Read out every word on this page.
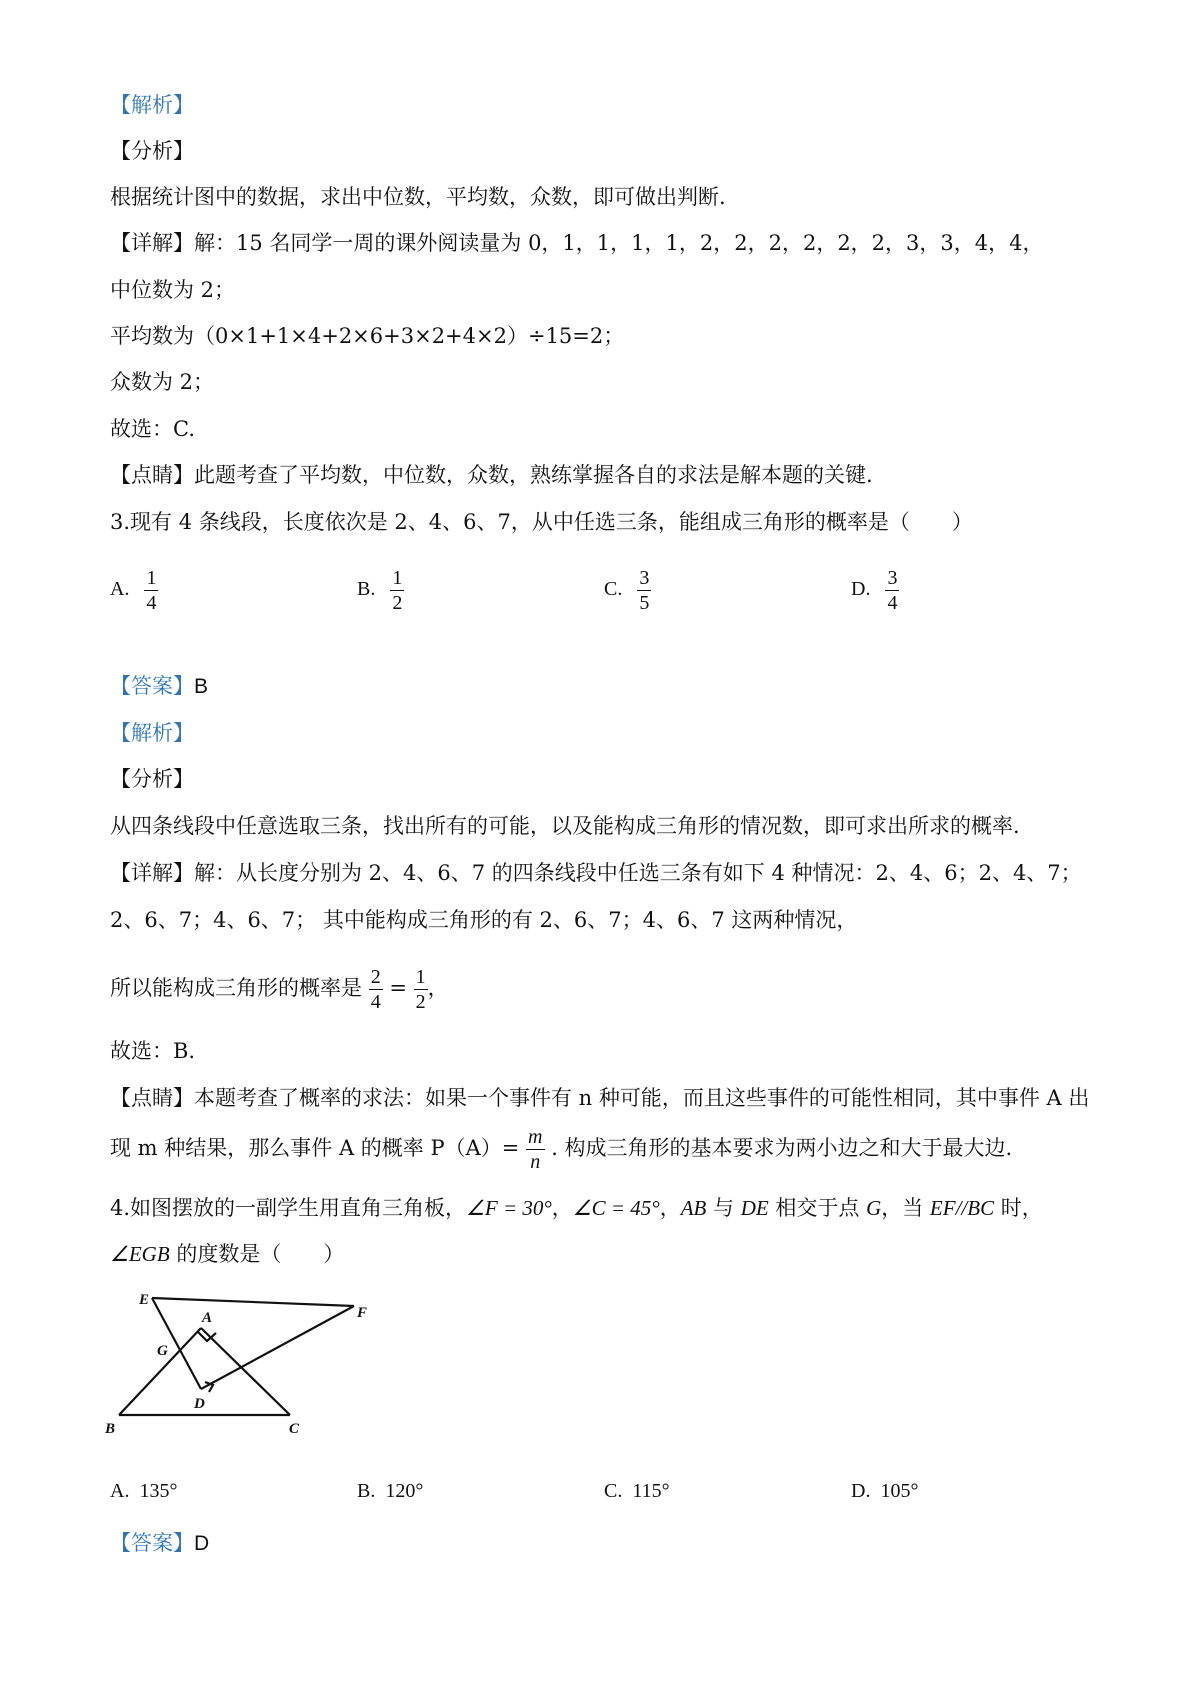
【解析】
【分析】
根据统计图中的数据，求出中位数，平均数，众数，即可做出判断.
【详解】解：15 名同学一周的课外阅读量为 0，1，1，1，1，2，2，2，2，2，2，3，3，4，4，
中位数为 2；
平均数为（0×1+1×4+2×6+3×2+4×2）÷15=2；
众数为 2；
故选：C.
【点睛】此题考查了平均数，中位数，众数，熟练掌握各自的求法是解本题的关键.
3.现有 4 条线段，长度依次是 2、4、6、7，从中任选三条，能组成三角形的概率是（　　）
A. $\frac{1}{4}$	B. $\frac{1}{2}$	C. $\frac{3}{5}$	D. $\frac{3}{4}$
【答案】B
【解析】
【分析】
从四条线段中任意选取三条，找出所有的可能，以及能构成三角形的情况数，即可求出所求的概率.
【详解】解：从长度分别为 2、4、6、7 的四条线段中任选三条有如下 4 种情况：2、4、6；2、4、7；
2、6、7；4、6、7； 其中能构成三角形的有 2、6、7；4、6、7 这两种情况，
所以能构成三角形的概率是 $\frac{2}{4} = \frac{1}{2}$ ，
故选：B.
【点睛】本题考查了概率的求法：如果一个事件有 n 种可能，而且这些事件的可能性相同，其中事件 A 出
现 m 种结果，那么事件 A 的概率 $P(A)= \frac{m}{n}$ . 构成三角形的基本要求为两小边之和大于最大边.
4.如图摆放的一副学生用直角三角板，∠F = 30°，∠C = 45°，AB 与 DE 相交于点 G，当 EF//BC 时，
∠EGB 的度数是（　　）
E
A	F
G
D
B	C
A. 135°	B. 120°	C. 115°	D. 105°
【答案】D
